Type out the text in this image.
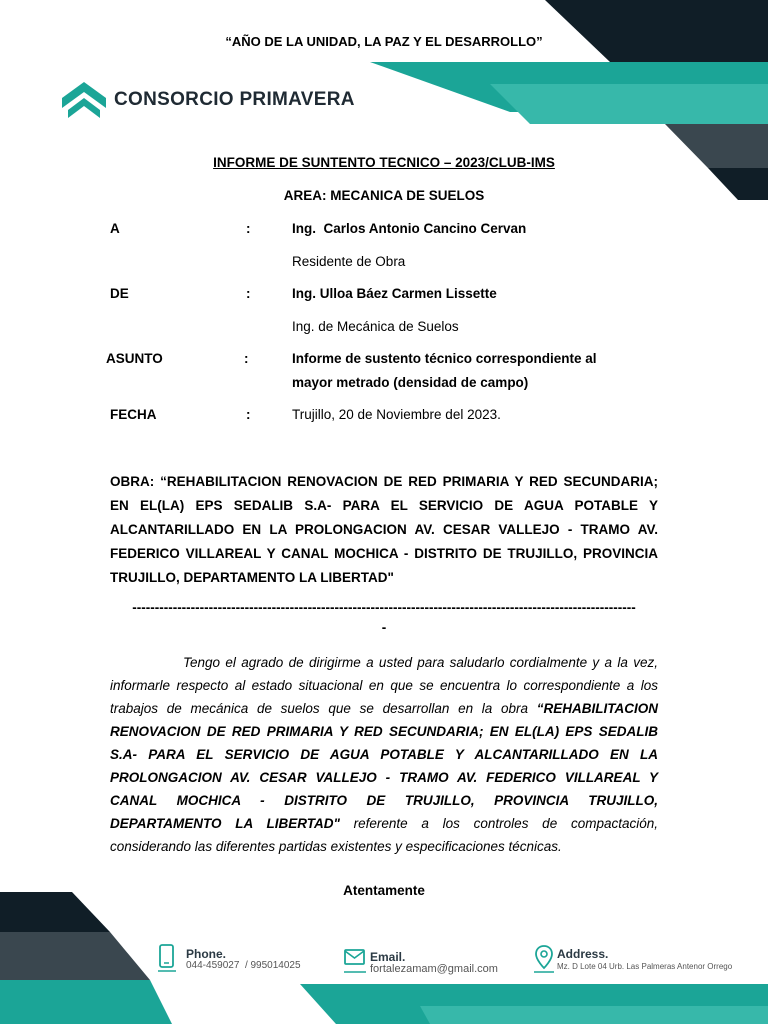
“AÑO DE LA UNIDAD, LA PAZ Y EL DESARROLLO”
CONSORCIO PRIMAVERA
INFORME DE SUNTENTO TECNICO – 2023/CLUB-IMS
AREA: MECANICA DE SUELOS
A	:	Ing.  Carlos Antonio Cancino Cervan
Residente de Obra
DE	:	Ing. Ulloa Báez Carmen Lissette
Ing. de Mecánica de Suelos
ASUNTO	:	Informe de sustento técnico correspondiente al
mayor metrado (densidad de campo)
FECHA	:	Trujillo, 20 de Noviembre del 2023.
OBRA: “REHABILITACION RENOVACION DE RED PRIMARIA Y RED SECUNDARIA; EN EL(LA) EPS SEDALIB S.A- PARA EL SERVICIO DE AGUA POTABLE Y ALCANTARILLADO EN LA PROLONGACION AV. CESAR VALLEJO - TRAMO AV. FEDERICO VILLAREAL Y CANAL MOCHICA - DISTRITO DE TRUJILLO, PROVINCIA TRUJILLO, DEPARTAMENTO LA LIBERTAD"
----------------------------------------------------------------------------------------------------------------
-
Tengo el agrado de dirigirme a usted para saludarlo cordialmente y a la vez, informarle respecto al estado situacional en que se encuentra lo correspondiente a los trabajos de mecánica de suelos que se desarrollan en la obra “REHABILITACION RENOVACION DE RED PRIMARIA Y RED SECUNDARIA; EN EL(LA) EPS SEDALIB S.A- PARA EL SERVICIO DE AGUA POTABLE Y ALCANTARILLADO EN LA PROLONGACION AV. CESAR VALLEJO - TRAMO AV. FEDERICO VILLAREAL Y CANAL MOCHICA - DISTRITO DE TRUJILLO, PROVINCIA TRUJILLO, DEPARTAMENTO LA LIBERTAD" referente a los controles de compactación, considerando las diferentes partidas existentes y especificaciones técnicas.
Atentamente
Phone.
044-459027  / 995014025
Email.
fortalezamam@gmail.com
Address.
Mz. D Lote 04 Urb. Las Palmeras Antenor Orrego
